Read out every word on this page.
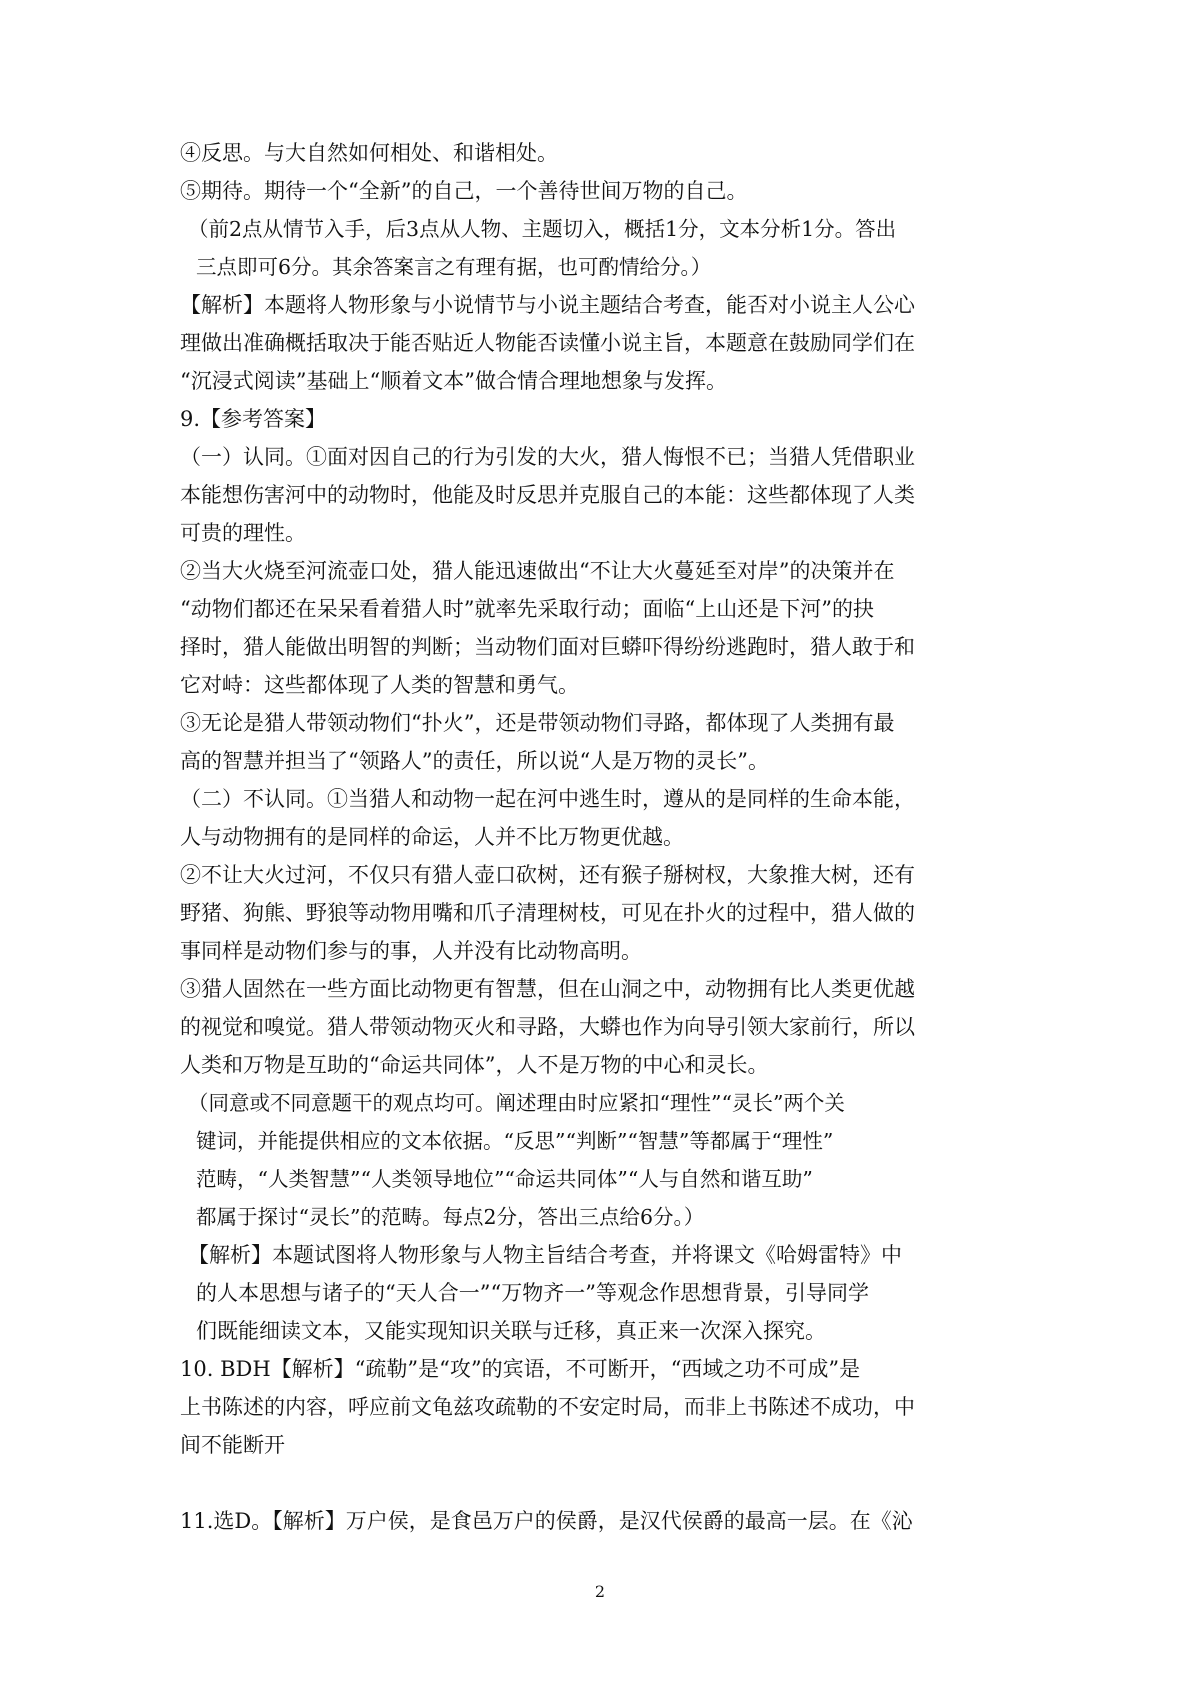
④反思。与大自然如何相处、和谐相处。
⑤期待。期待一个“全新”的自己，一个善待世间万物的自己。
（前2点从情节入手，后3点从人物、主题切入，概括1分，文本分析1分。答出
三点即可6分。其余答案言之有理有据，也可酌情给分。）
【解析】本题将人物形象与小说情节与小说主题结合考查，能否对小说主人公心
理做出准确概括取决于能否贴近人物能否读懂小说主旨，本题意在鼓励同学们在
“沉浸式阅读”基础上“顺着文本”做合情合理地想象与发挥。
9.【参考答案】
（一）认同。①面对因自己的行为引发的大火，猎人悔恨不已；当猎人凭借职业
本能想伤害河中的动物时，他能及时反思并克服自己的本能：这些都体现了人类
可贵的理性。
②当大火烧至河流壶口处，猎人能迅速做出“不让大火蔓延至对岸”的决策并在
“动物们都还在呆呆看着猎人时”就率先采取行动；面临“上山还是下河”的抉
择时，猎人能做出明智的判断；当动物们面对巨蟒吓得纷纷逃跑时，猎人敢于和
它对峙：这些都体现了人类的智慧和勇气。
③无论是猎人带领动物们“扑火”，还是带领动物们寻路，都体现了人类拥有最
高的智慧并担当了“领路人”的责任，所以说“人是万物的灵长”。
（二）不认同。①当猎人和动物一起在河中逃生时，遵从的是同样的生命本能，
人与动物拥有的是同样的命运，人并不比万物更优越。
②不让大火过河，不仅只有猎人壶口砍树，还有猴子掰树杈，大象推大树，还有
野猪、狗熊、野狼等动物用嘴和爪子清理树枝，可见在扑火的过程中，猎人做的
事同样是动物们参与的事，人并没有比动物高明。
③猎人固然在一些方面比动物更有智慧，但在山洞之中，动物拥有比人类更优越
的视觉和嗅觉。猎人带领动物灭火和寻路，大蟒也作为向导引领大家前行，所以
人类和万物是互助的“命运共同体”，人不是万物的中心和灵长。
（同意或不同意题干的观点均可。阐述理由时应紧扣“理性”“灵长”两个关
键词，并能提供相应的文本依据。“反思”“判断”“智慧”等都属于“理性”
范畴，“人类智慧”“人类领导地位”“命运共同体”“人与自然和谐互助”
都属于探讨“灵长”的范畴。每点2分，答出三点给6分。）
【解析】本题试图将人物形象与人物主旨结合考查，并将课文《哈姆雷特》中
的人本思想与诸子的“天人合一”“万物齐一”等观念作思想背景，引导同学
们既能细读文本，又能实现知识关联与迁移，真正来一次深入探究。
10. BDH【解析】“疏勒”是“攻”的宾语，不可断开，“西域之功不可成”是
上书陈述的内容，呼应前文龟兹攻疏勒的不安定时局，而非上书陈述不成功，中
间不能断开
11.选D。【解析】万户侯，是食邑万户的侯爵，是汉代侯爵的最高一层。在《沁
2
